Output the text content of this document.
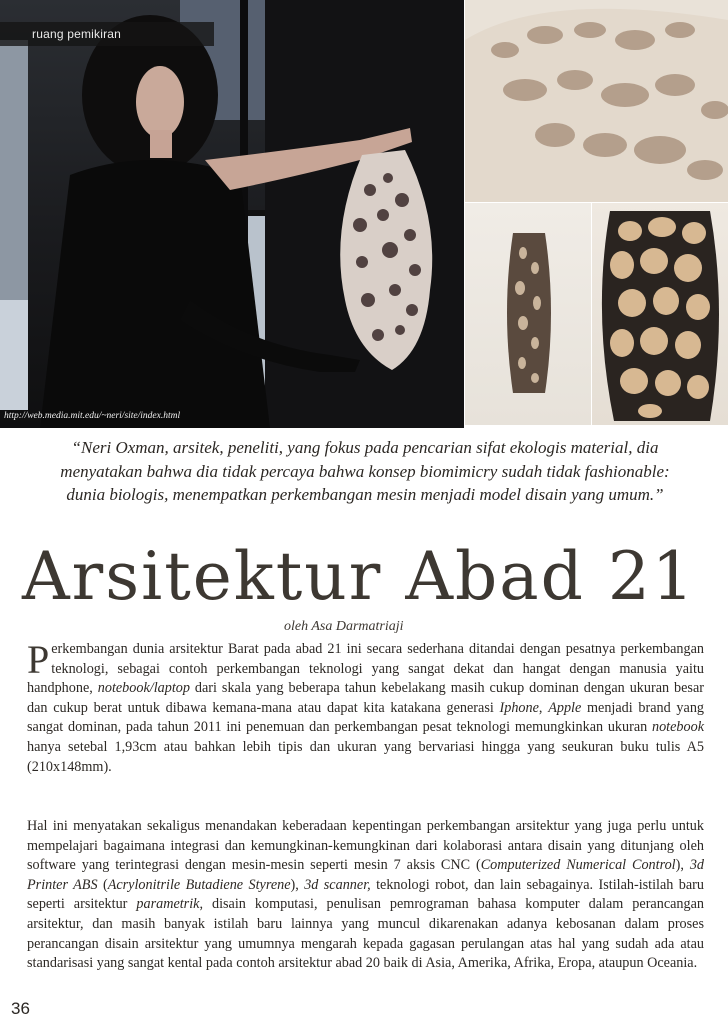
ruang pemikiran
http://web.media.mit.edu/~neri/site/index.html
“Neri Oxman, arsitek, peneliti, yang fokus pada pencarian sifat ekologis material, dia menyatakan bahwa dia tidak percaya bahwa konsep biomimicry sudah tidak fashionable: dunia biologis, menempatkan perkembangan mesin menjadi model disain yang umum.”
Arsitektur Abad 21
oleh Asa Darmatriaji
Perkembangan dunia arsitektur Barat pada abad 21 ini secara sederhana ditandai dengan pesatnya perkembangan teknologi, sebagai contoh perkembangan teknologi yang sangat dekat dan hangat dengan manusia yaitu handphone, notebook/laptop dari skala yang beberapa tahun kebelakang masih cukup dominan dengan ukuran besar dan cukup berat untuk dibawa kemana-mana atau dapat kita katakana generasi Iphone, Apple menjadi brand yang sangat dominan, pada tahun 2011 ini penemuan dan perkembangan pesat teknologi memungkinkan ukuran notebook hanya setebal 1,93cm atau bahkan lebih tipis dan ukuran yang bervariasi hingga yang seukuran buku tulis A5 (210x148mm).
Hal ini menyatakan sekaligus menandakan keberadaan kepentingan perkembangan arsitektur yang juga perlu untuk mempelajari bagaimana integrasi dan kemungkinan-kemungkinan dari kolaborasi antara disain yang ditunjang oleh software yang terintegrasi dengan mesin-mesin seperti mesin 7 aksis CNC (Computerized Numerical Control), 3d Printer ABS (Acrylonitrile Butadiene Styrene), 3d scanner, teknologi robot, dan lain sebagainya. Istilah-istilah baru seperti arsitektur parametrik, disain komputasi, penulisan pemrograman bahasa komputer dalam perancangan arsitektur, dan masih banyak istilah baru lainnya yang muncul dikarenakan adanya kebosanan dalam proses perancangan disain arsitektur yang umumnya mengarah kepada gagasan perulangan atas hal yang sudah ada atau standarisasi yang sangat kental pada contoh arsitektur abad 20 baik di Asia, Amerika, Afrika, Eropa, ataupun Oceania.
36
